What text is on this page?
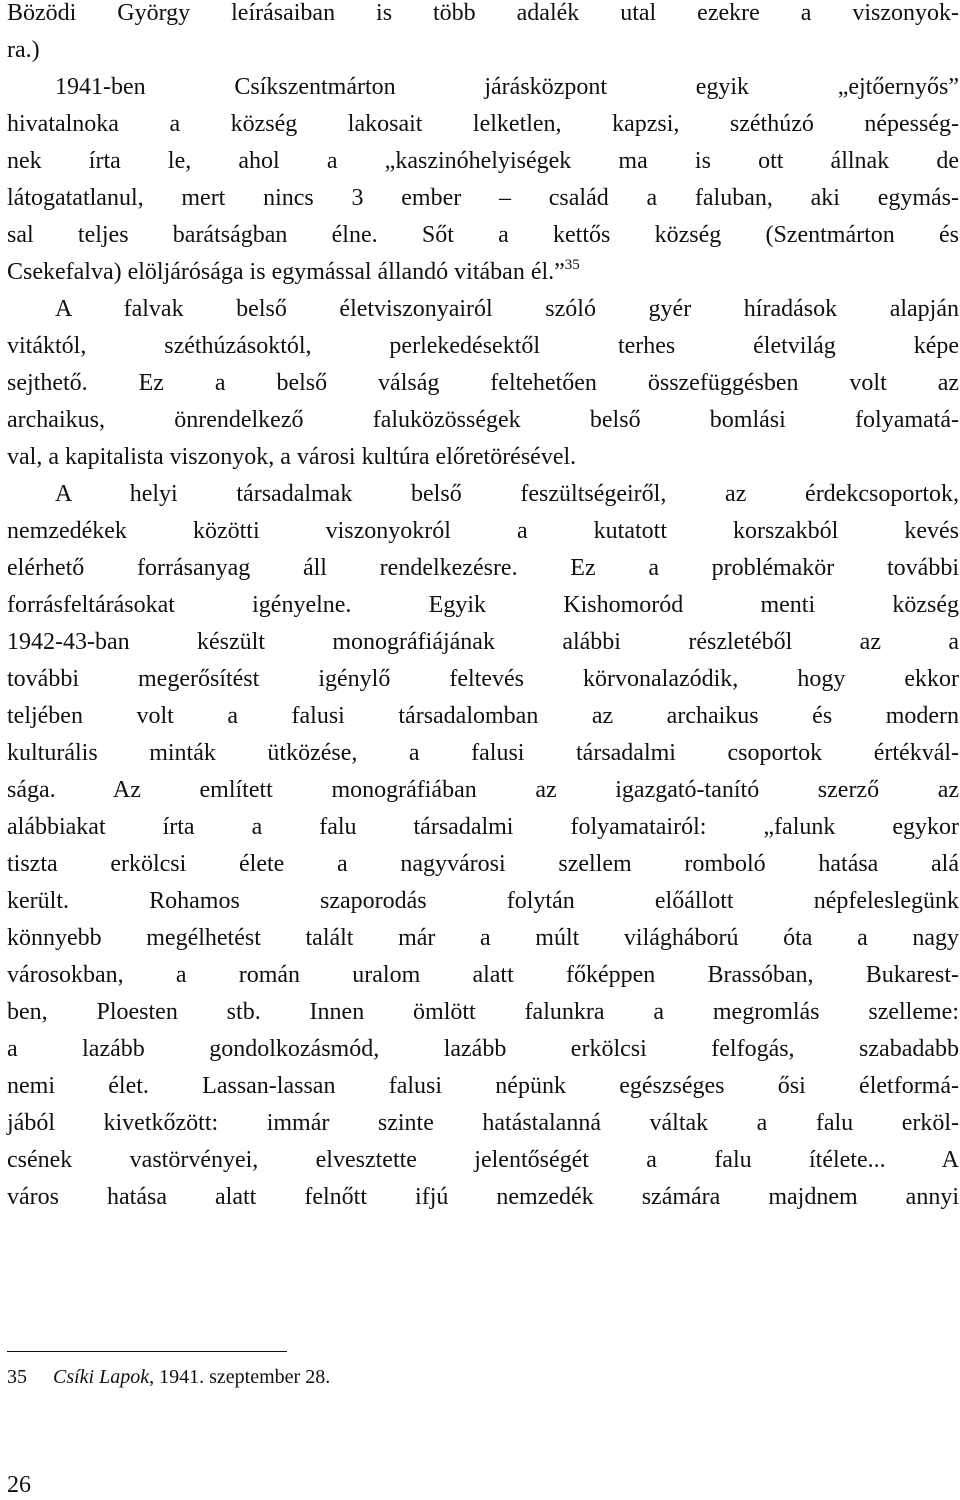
Bözödi György leírásaiban is több adalék utal ezekre a viszonyok-
ra.)
1941-ben Csíkszentmárton járásközpont egyik „ejtőernyős”
hivatalnoka a község lakosait lelketlen, kapzsi, széthúzó népesség-
nek írta le, ahol a „kaszinóhelyiségek ma is ott állnak de
látogatatlanul, mert nincs 3 ember – család a faluban, aki egymás-
sal teljes barátságban élne. Sőt a kettős község (Szentmárton és
Csekefalva) elöljárósága is egymással állandó vitában él.”$^{35}$
A falvak belső életviszonyairól szóló gyér híradások alapján
vitáktól, széthúzásoktól, perlekedésektől terhes életvilág képe
sejthető. Ez a belső válság feltehetően összefüggésben volt az
archaikus, önrendelkező faluközösségek belső bomlási folyamatá-
val, a kapitalista viszonyok, a városi kultúra előretörésével.
A helyi társadalmak belső feszültségeiről, az érdekcsoportok,
nemzedékek közötti viszonyokról a kutatott korszakból kevés
elérhető forrásanyag áll rendelkezésre. Ez a problémakör további
forrásfeltárásokat igényelne. Egyik Kishomoród menti község
1942-43-ban készült monográfiájának alábbi részletéből az a
további megerősítést igénylő feltevés körvonalazódik, hogy ekkor
teljében volt a falusi társadalomban az archaikus és modern
kulturális minták ütközése, a falusi társadalmi csoportok értékvál-
sága. Az említett monográfiában az igazgató-tanító szerző az
alábbiakat írta a falu társadalmi folyamatairól: „falunk egykor
tiszta erkölcsi élete a nagyvárosi szellem romboló hatása alá
került. Rohamos szaporodás folytán előállott népfeleslegünk
könnyebb megélhetést talált már a múlt világháború óta a nagy
városokban, a román uralom alatt főképpen Brassóban, Bukarest-
ben, Ploesten stb. Innen ömlött falunkra a megromlás szelleme:
a lazább gondolkozásmód, lazább erkölcsi felfogás, szabadabb
nemi élet. Lassan-lassan falusi népünk egészséges ősi életformá-
jából kivetkőzött: immár szinte hatástalanná váltak a falu erköl-
csének vastörvényei, elvesztette jelentőségét a falu ítélete... A
város hatása alatt felnőtt ifjú nemzedék számára majdnem annyi
35 Csíki Lapok, 1941. szeptember 28.
26
